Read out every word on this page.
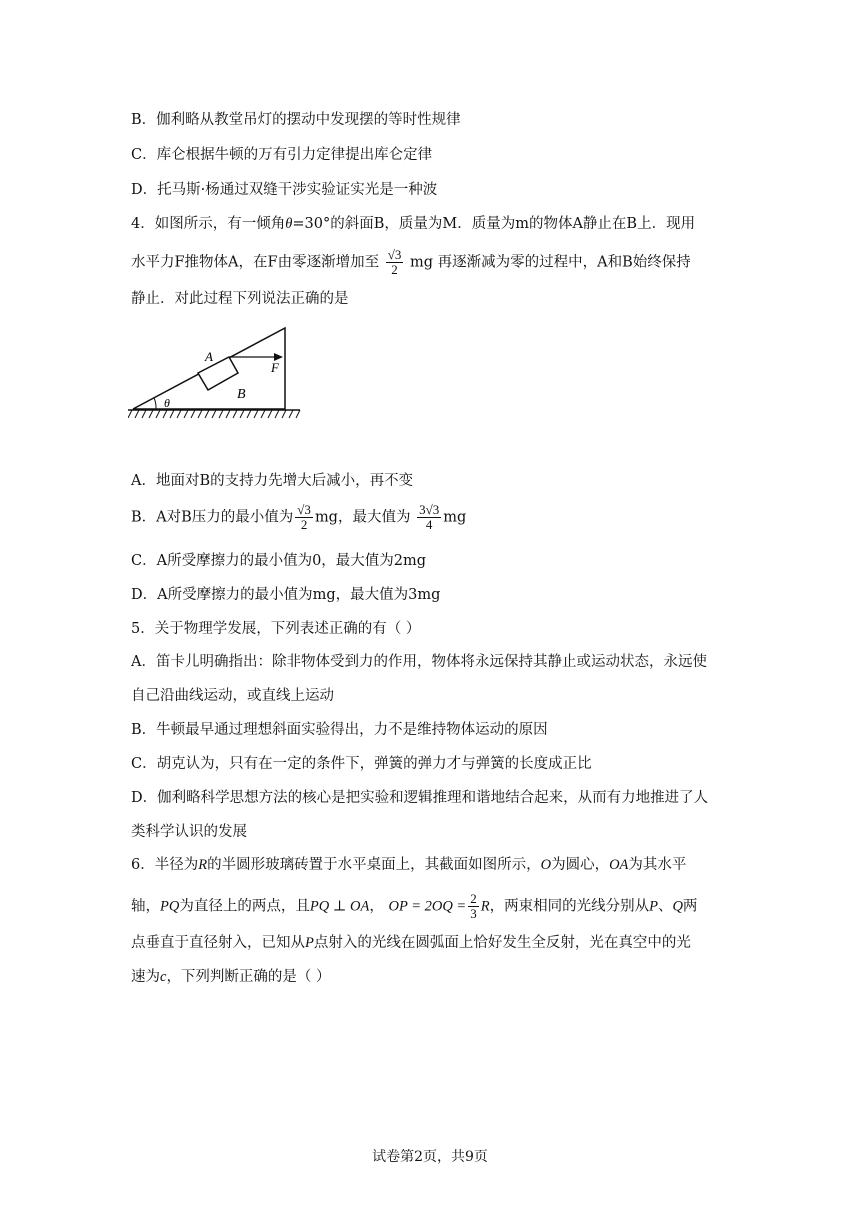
B．伽利略从教堂吊灯的摆动中发现摆的等时性规律
C．库仑根据牛顿的万有引力定律提出库仑定律
D．托马斯·杨通过双缝干涉实验证实光是一种波
4．如图所示，有一倾角θ=30°的斜面B，质量为M．质量为m的物体A静止在B上．现用
水平力F推物体A，在F由零逐渐增加至 $\frac{√3}{2}$ mg 再逐渐减为零的过程中，A和B始终保持
静止．对此过程下列说法正确的是
A
B
F
θ
A．地面对B的支持力先增大后减小，再不变
B．A对B压力的最小值为 $\frac{√3}{2}$ mg，最大值为 $\frac{3√3}{4}$ mg
C．A所受摩擦力的最小值为0，最大值为2mg
D．A所受摩擦力的最小值为mg，最大值为3mg
5．关于物理学发展，下列表述正确的有（ ）
A．笛卡儿明确指出：除非物体受到力的作用，物体将永远保持其静止或运动状态，永远使
自己沿曲线运动，或直线上运动
B．牛顿最早通过理想斜面实验得出，力不是维持物体运动的原因
C．胡克认为，只有在一定的条件下，弹簧的弹力才与弹簧的长度成正比
D．伽利略科学思想方法的核心是把实验和逻辑推理和谐地结合起来，从而有力地推进了人
类科学认识的发展
6．半径为R的半圆形玻璃砖置于水平桌面上，其截面如图所示，O为圆心，OA为其水平
轴，PQ为直径上的两点，且PQ ⊥ OA， OP = $2OQ = \frac{2}{3}$ R，两束相同的光线分别从P、Q两
点垂直于直径射入，已知从P点射入的光线在圆弧面上恰好发生全反射，光在真空中的光
速为c，下列判断正确的是（ ）
试卷第2页，共9页
